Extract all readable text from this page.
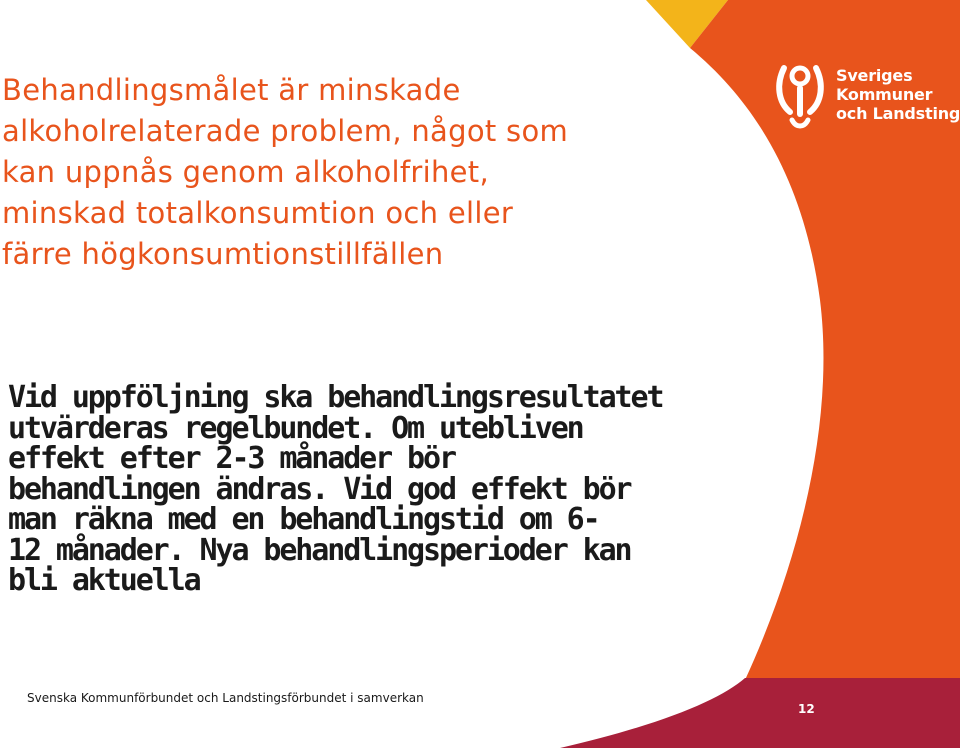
Sveriges
Kommuner
och Landsting
Behandlingsmålet är minskade
alkoholrelaterade problem, något som
kan uppnås genom alkoholfrihet,
minskad totalkonsumtion och eller
färre högkonsumtionstillfällen

Vid uppföljning ska behandlingsresultatet
utvärderas regelbundet. Om utebliven
effekt efter 2-3 månader bör
behandlingen ändras. Vid god effekt bör
man räkna med en behandlingstid om 6-
12 månader. Nya behandlingsperioder kan
bli aktuella

Svenska Kommunförbundet och Landstingsförbundet i samverkan
12
